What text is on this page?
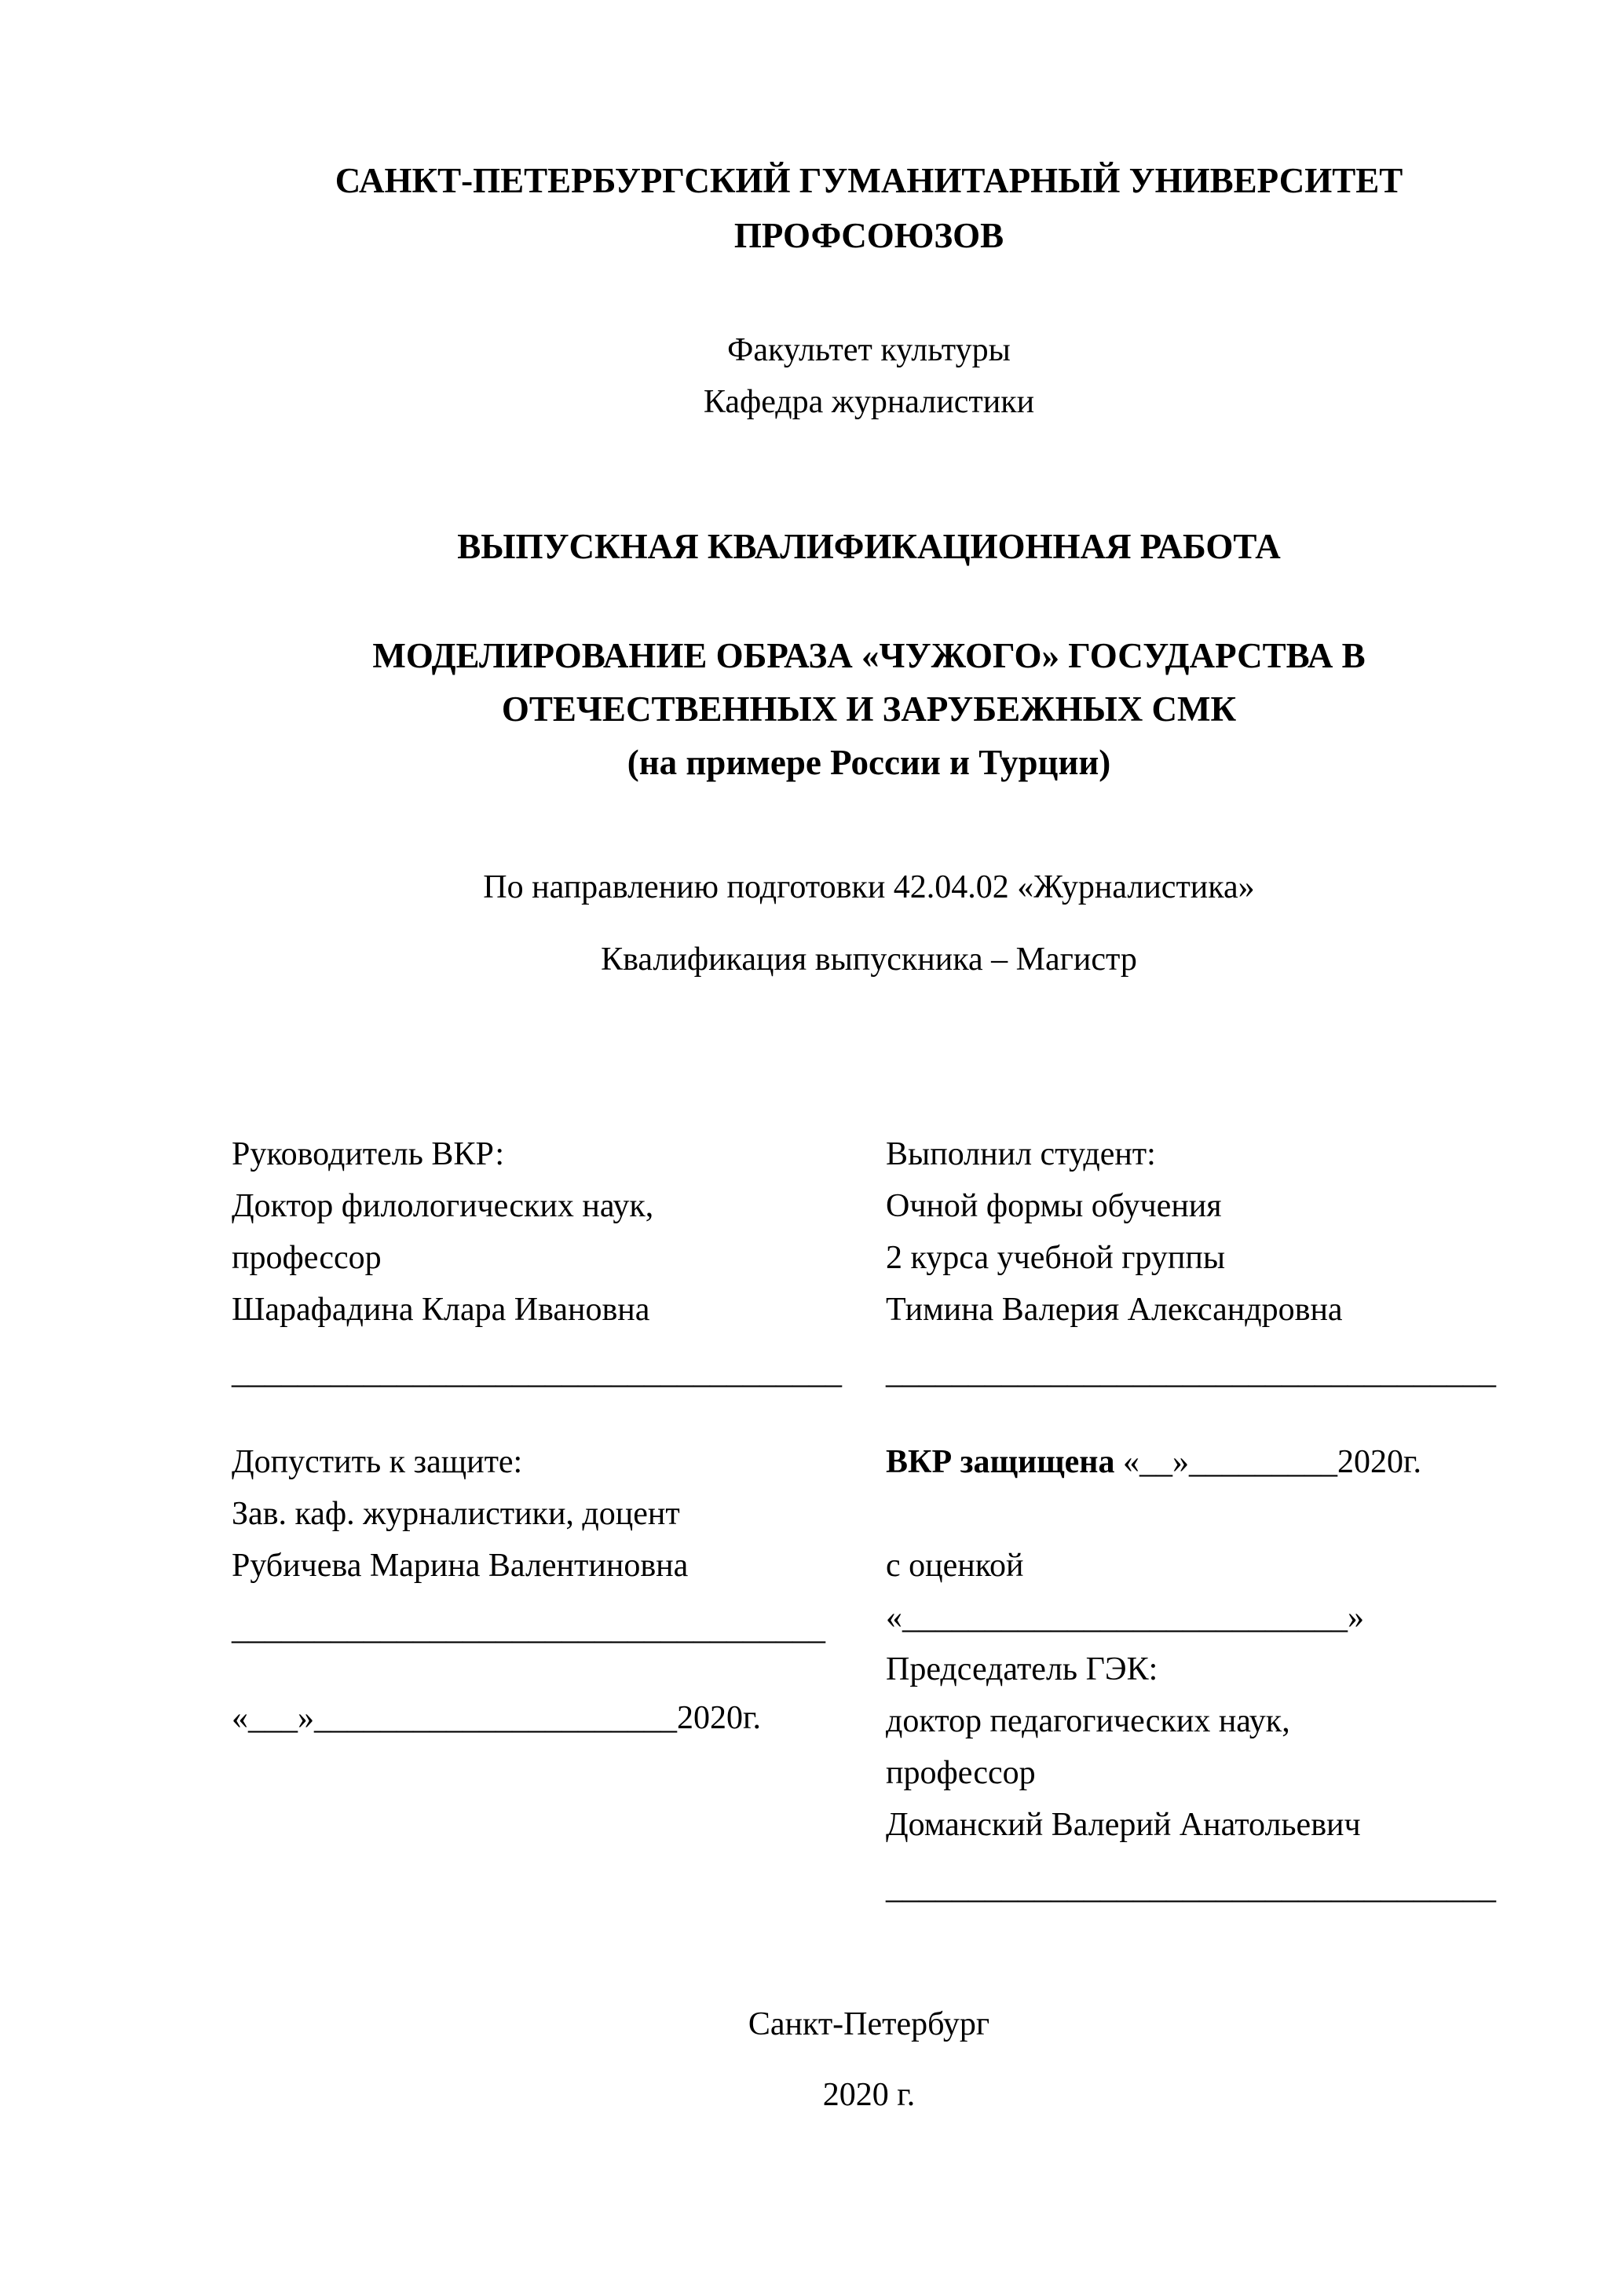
САНКТ-ПЕТЕРБУРГСКИЙ ГУМАНИТАРНЫЙ УНИВЕРСИТЕТ
ПРОФСОЮЗОВ

Факультет культуры

Кафедра журналистики

ВЫПУСКНАЯ КВАЛИФИКАЦИОННАЯ РАБОТА

МОДЕЛИРОВАНИЕ ОБРАЗА «ЧУЖОГО» ГОСУДАРСТВА В

ОТЕЧЕСТВЕННЫХ И ЗАРУБЕЖНЫХ СМК

(на примере России и Турции)

По направлению подготовки 42.04.02 «Журналистика»

Квалификация выпускника – Магистр

Руководитель ВКР:

Доктор филологических наук,

профессор

Шарафадина Клара Ивановна

_____________________________________

Допустить к защите:

Зав. каф. журналистики, доцент

Рубичева Марина Валентиновна

____________________________________

«___»______________________2020г.

Выполнил студент:

Очной формы обучения

2 курса учебной группы

Тимина Валерия Александровна

_____________________________________

ВКР защищена «__»_________2020г.

с оценкой «___________________________»

Председатель ГЭК:

доктор педагогических наук,

профессор

Доманский Валерий Анатольевич

_____________________________________

Санкт-Петербург

2020 г.
